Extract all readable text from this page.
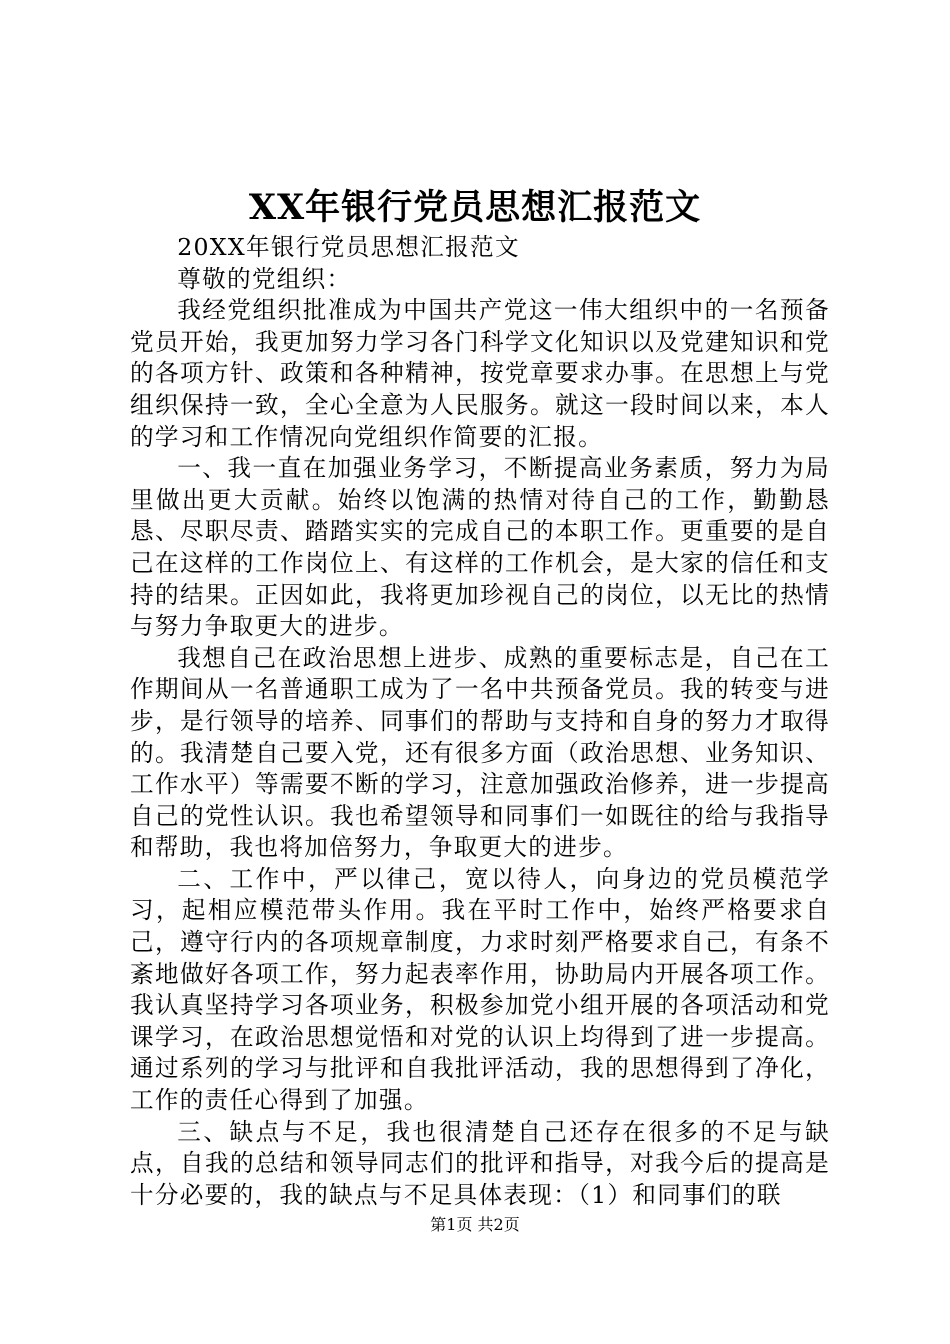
XX年银行党员思想汇报范文

20XX年银行党员思想汇报范文

尊敬的党组织：

我经党组织批准成为中国共产党这一伟大组织中的一名预备党员开始，我更加努力学习各门科学文化知识以及党建知识和党的各项方针、政策和各种精神，按党章要求办事。在思想上与党组织保持一致，全心全意为人民服务。就这一段时间以来，本人的学习和工作情况向党组织作简要的汇报。

一、我一直在加强业务学习，不断提高业务素质，努力为局里做出更大贡献。始终以饱满的热情对待自己的工作，勤勤恳恳、尽职尽责、踏踏实实的完成自己的本职工作。更重要的是自己在这样的工作岗位上、有这样的工作机会，是大家的信任和支持的结果。正因如此，我将更加珍视自己的岗位，以无比的热情与努力争取更大的进步。

我想自己在政治思想上进步、成熟的重要标志是，自己在工作期间从一名普通职工成为了一名中共预备党员。我的转变与进步，是行领导的培养、同事们的帮助与支持和自身的努力才取得的。我清楚自己要入党，还有很多方面（政治思想、业务知识、工作水平）等需要不断的学习，注意加强政治修养，进一步提高自己的党性认识。我也希望领导和同事们一如既往的给与我指导和帮助，我也将加倍努力，争取更大的进步。

二、工作中，严以律己，宽以待人，向身边的党员模范学习，起相应模范带头作用。我在平时工作中，始终严格要求自己，遵守行内的各项规章制度，力求时刻严格要求自己，有条不紊地做好各项工作，努力起表率作用，协助局内开展各项工作。我认真坚持学习各项业务，积极参加党小组开展的各项活动和党课学习，在政治思想觉悟和对党的认识上均得到了进一步提高。通过系列的学习与批评和自我批评活动，我的思想得到了净化，工作的责任心得到了加强。

三、缺点与不足，我也很清楚自己还存在很多的不足与缺点，自我的总结和领导同志们的批评和指导，对我今后的提高是十分必要的，我的缺点与不足具体表现：（1）和同事们的联

第1页 共2页
